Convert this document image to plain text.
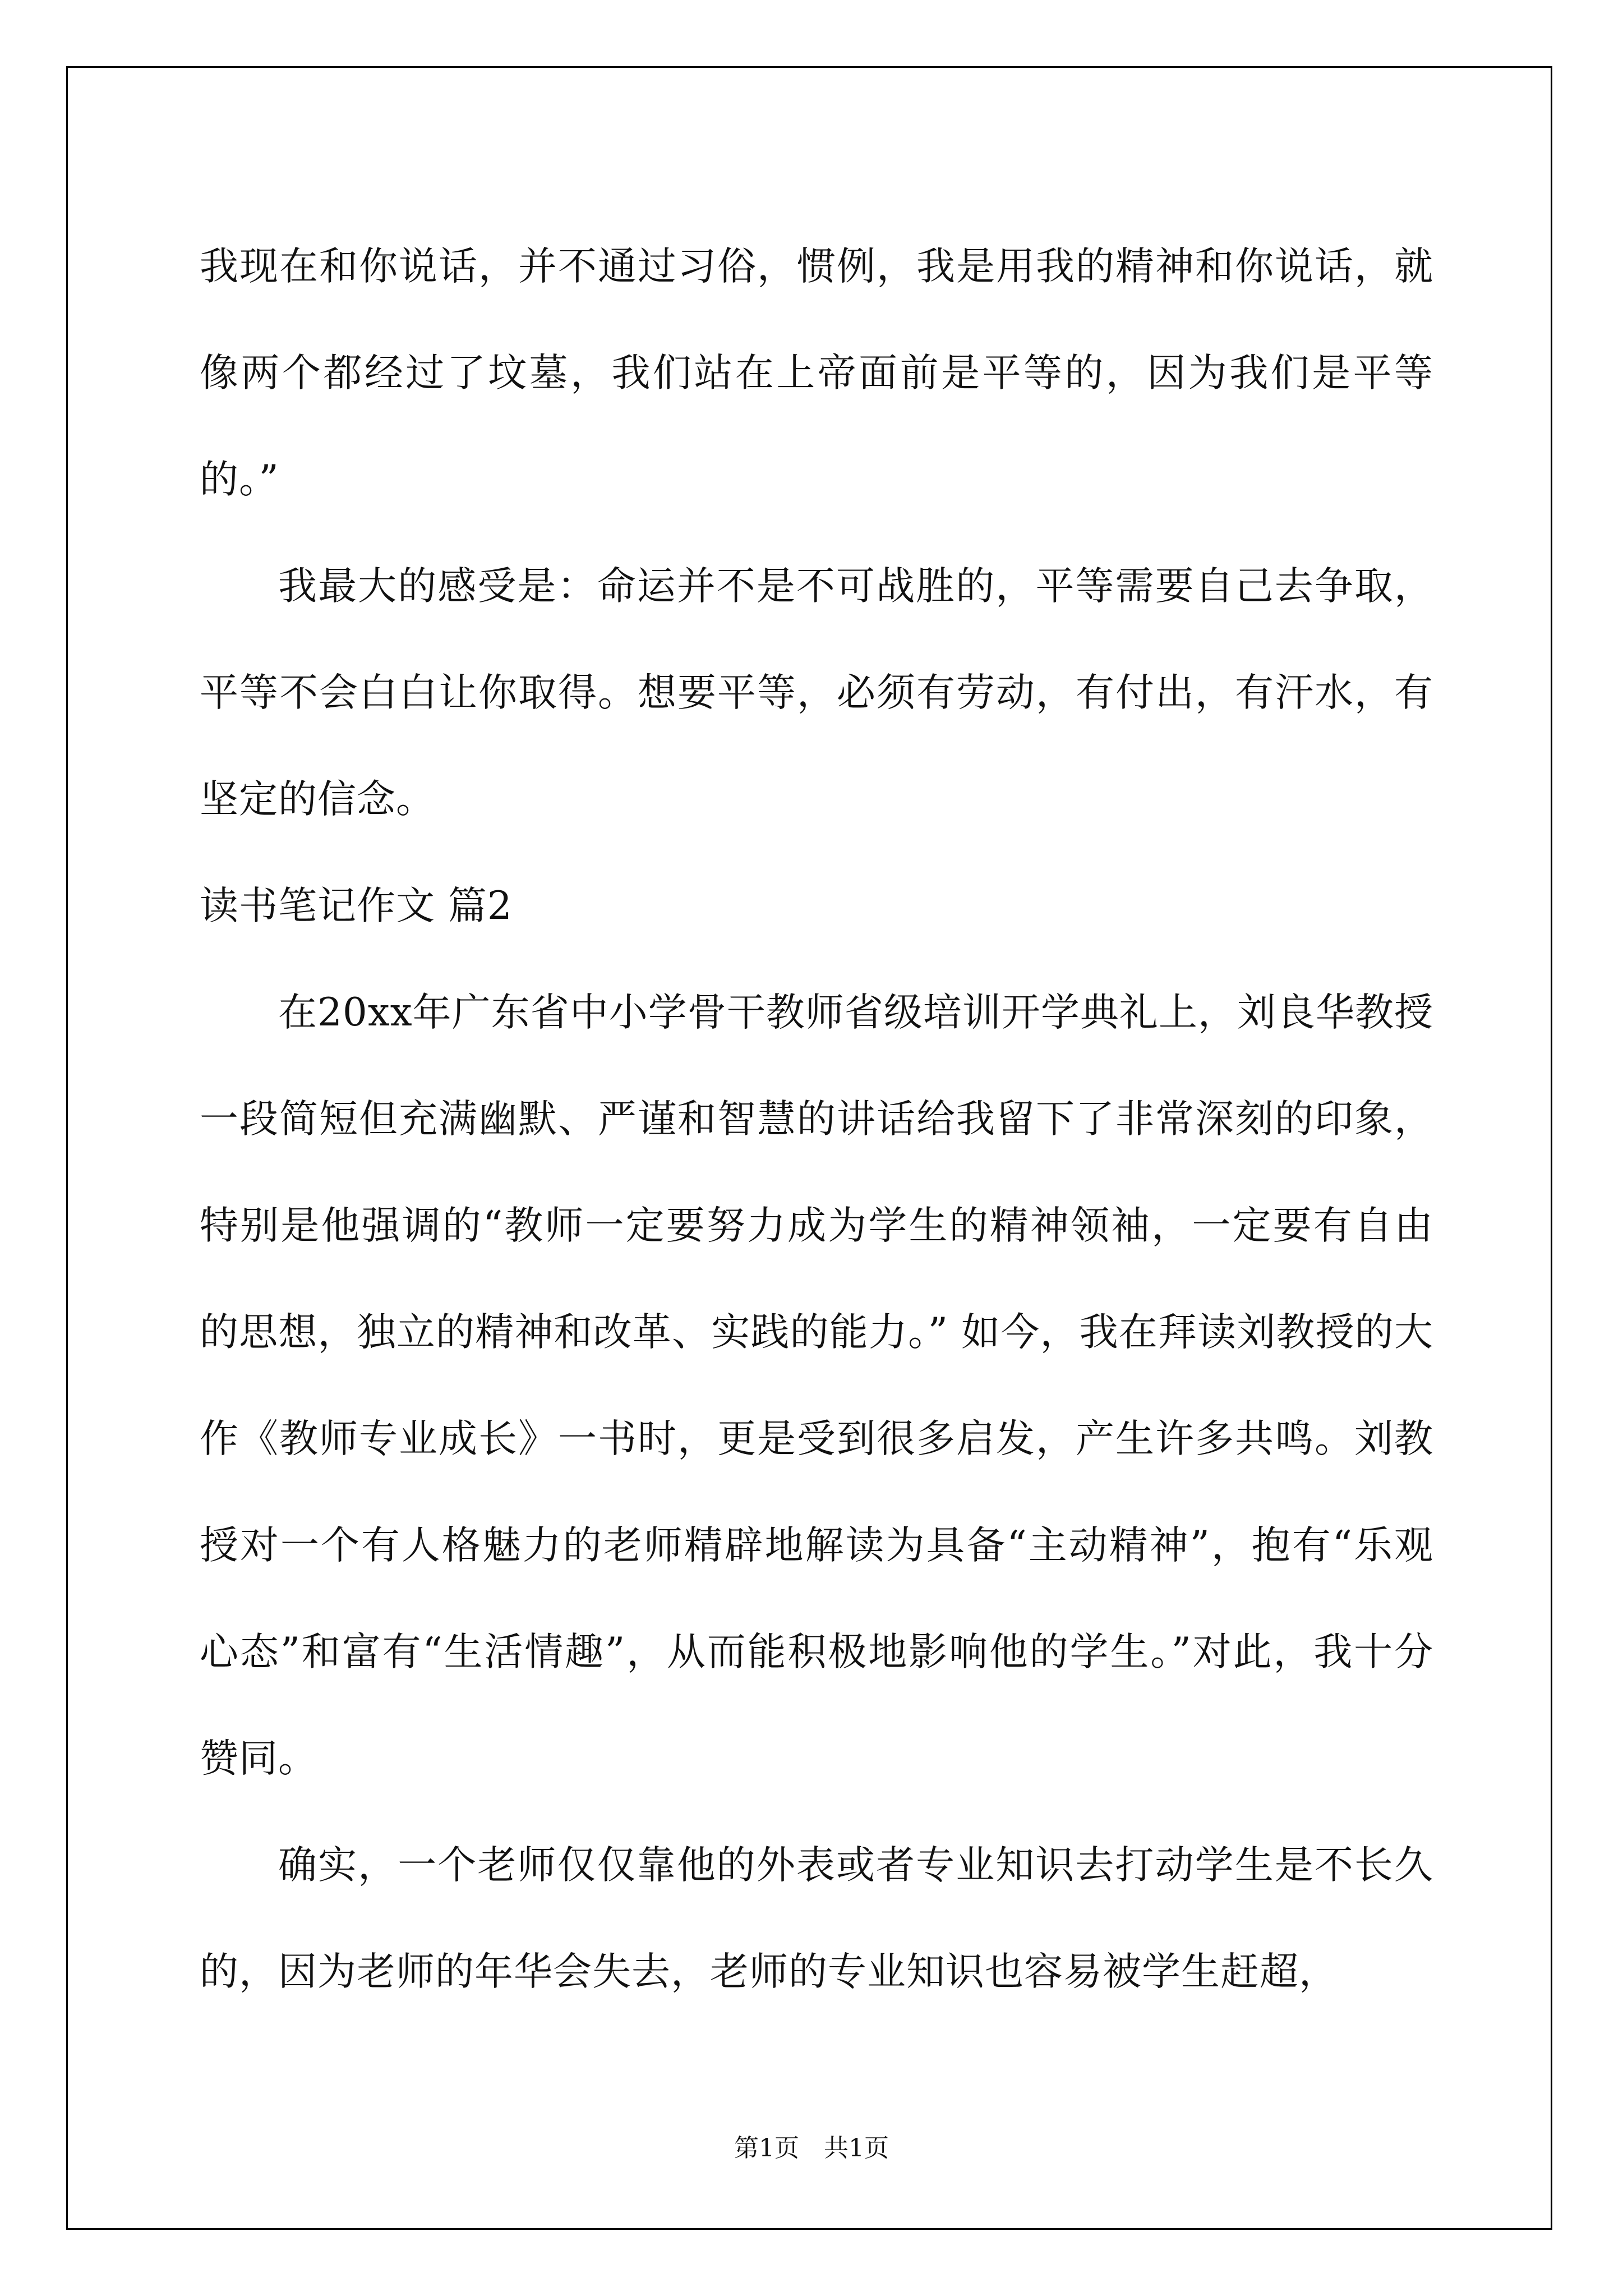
我现在和你说话，并不通过习俗，惯例，我是用我的精神和你说话，就像两个都经过了坟墓，我们站在上帝面前是平等的，因为我们是平等的。”

我最大的感受是：命运并不是不可战胜的，平等需要自己去争取，平等不会白白让你取得。想要平等，必须有劳动，有付出，有汗水，有坚定的信念。

读书笔记作文 篇2

在20xx年广东省中小学骨干教师省级培训开学典礼上，刘良华教授一段简短但充满幽默、严谨和智慧的讲话给我留下了非常深刻的印象，特别是他强调的“教师一定要努力成为学生的精神领袖，一定要有自由的思想，独立的精神和改革、实践的能力。” 如今，我在拜读刘教授的大作《教师专业成长》一书时，更是受到很多启发，产生许多共鸣。刘教授对一个有人格魅力的老师精辟地解读为具备“主动精神”，抱有“乐观心态”和富有“生活情趣”，从而能积极地影响他的学生。”对此，我十分赞同。

确实，一个老师仅仅靠他的外表或者专业知识去打动学生是不长久的，因为老师的年华会失去，老师的专业知识也容易被学生赶超，

第1页　共1页
